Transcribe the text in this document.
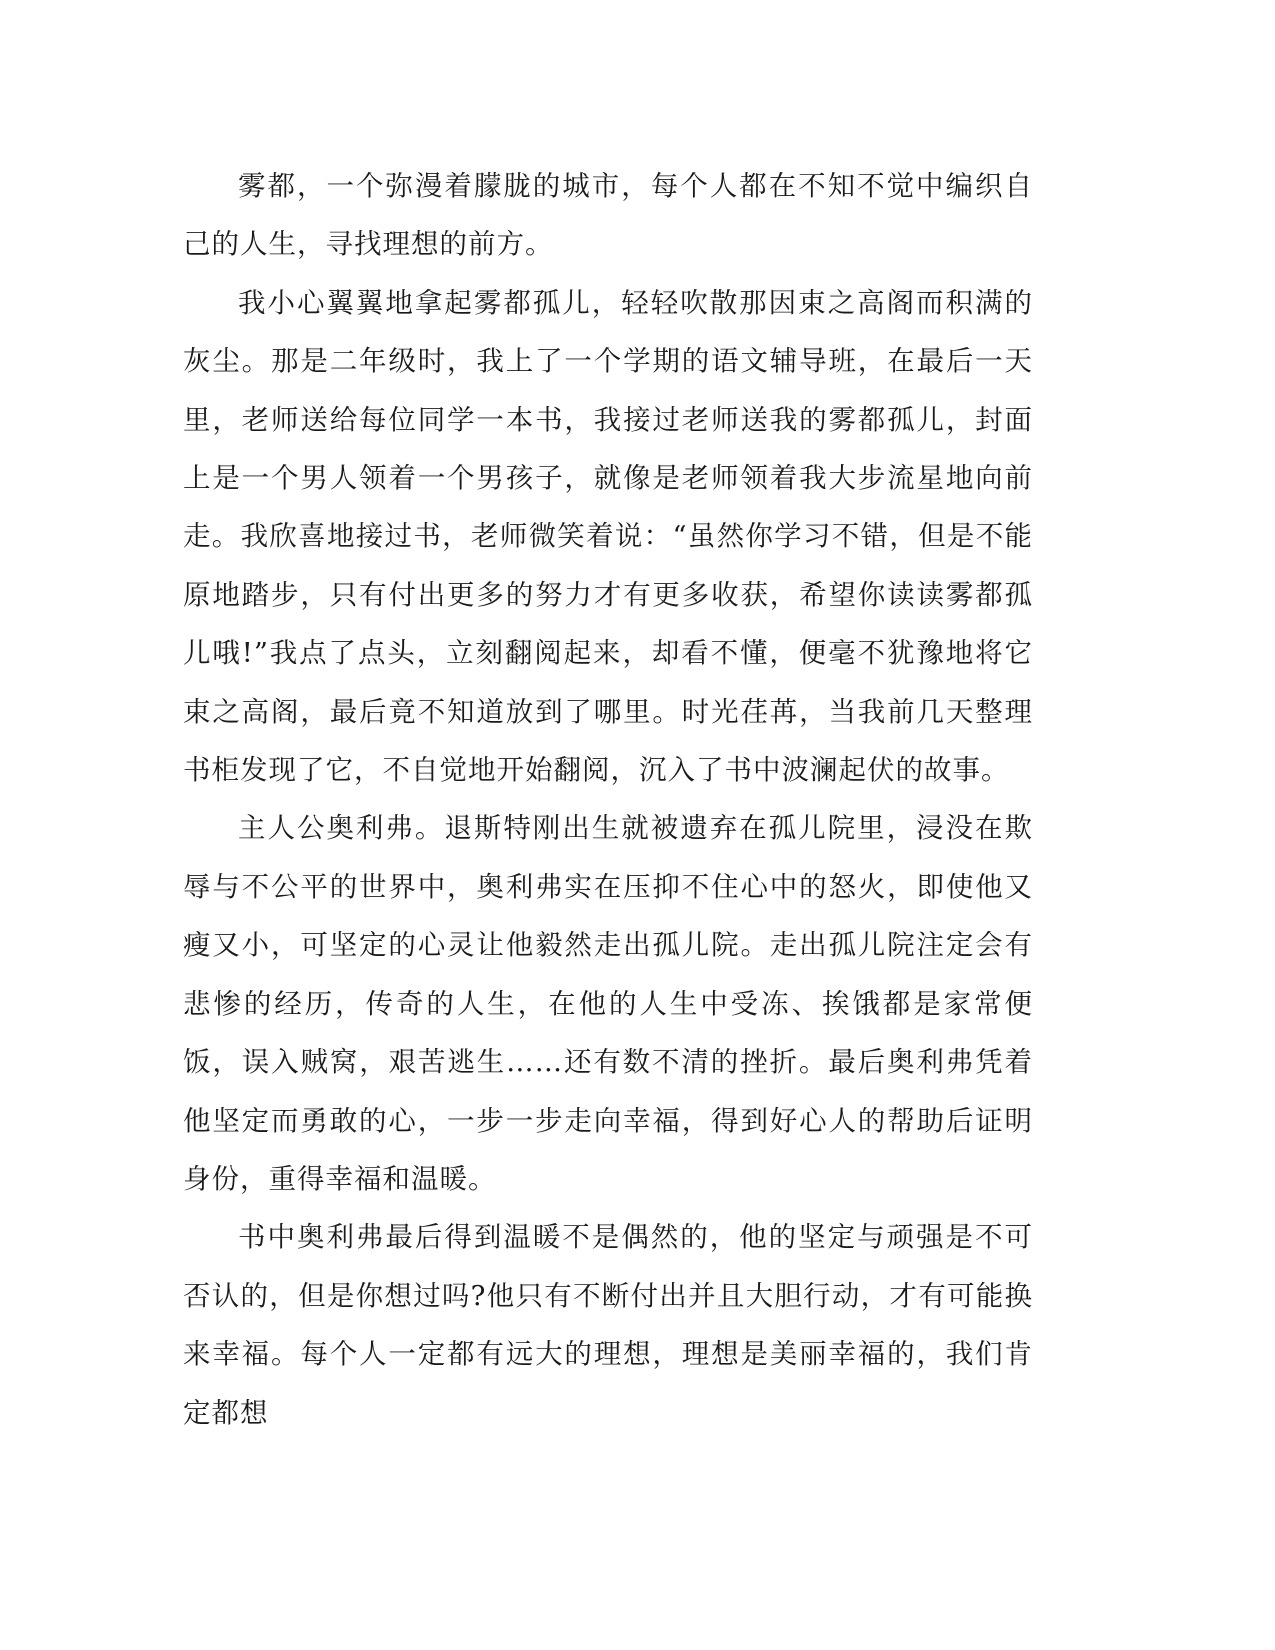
雾都，一个弥漫着朦胧的城市，每个人都在不知不觉中编织自己的人生，寻找理想的前方。

我小心翼翼地拿起雾都孤儿，轻轻吹散那因束之高阁而积满的灰尘。那是二年级时，我上了一个学期的语文辅导班，在最后一天里，老师送给每位同学一本书，我接过老师送我的雾都孤儿，封面上是一个男人领着一个男孩子，就像是老师领着我大步流星地向前走。我欣喜地接过书，老师微笑着说：“虽然你学习不错，但是不能原地踏步，只有付出更多的努力才有更多收获，希望你读读雾都孤儿哦!”我点了点头，立刻翻阅起来，却看不懂，便毫不犹豫地将它束之高阁，最后竟不知道放到了哪里。时光荏苒，当我前几天整理书柜发现了它，不自觉地开始翻阅，沉入了书中波澜起伏的故事。

主人公奥利弗。退斯特刚出生就被遗弃在孤儿院里，浸没在欺辱与不公平的世界中，奥利弗实在压抑不住心中的怒火，即使他又瘦又小，可坚定的心灵让他毅然走出孤儿院。走出孤儿院注定会有悲惨的经历，传奇的人生，在他的人生中受冻、挨饿都是家常便饭，误入贼窝，艰苦逃生……还有数不清的挫折。最后奥利弗凭着他坚定而勇敢的心，一步一步走向幸福，得到好心人的帮助后证明身份，重得幸福和温暖。

书中奥利弗最后得到温暖不是偶然的，他的坚定与顽强是不可否认的，但是你想过吗?他只有不断付出并且大胆行动，才有可能换来幸福。每个人一定都有远大的理想，理想是美丽幸福的，我们肯定都想
